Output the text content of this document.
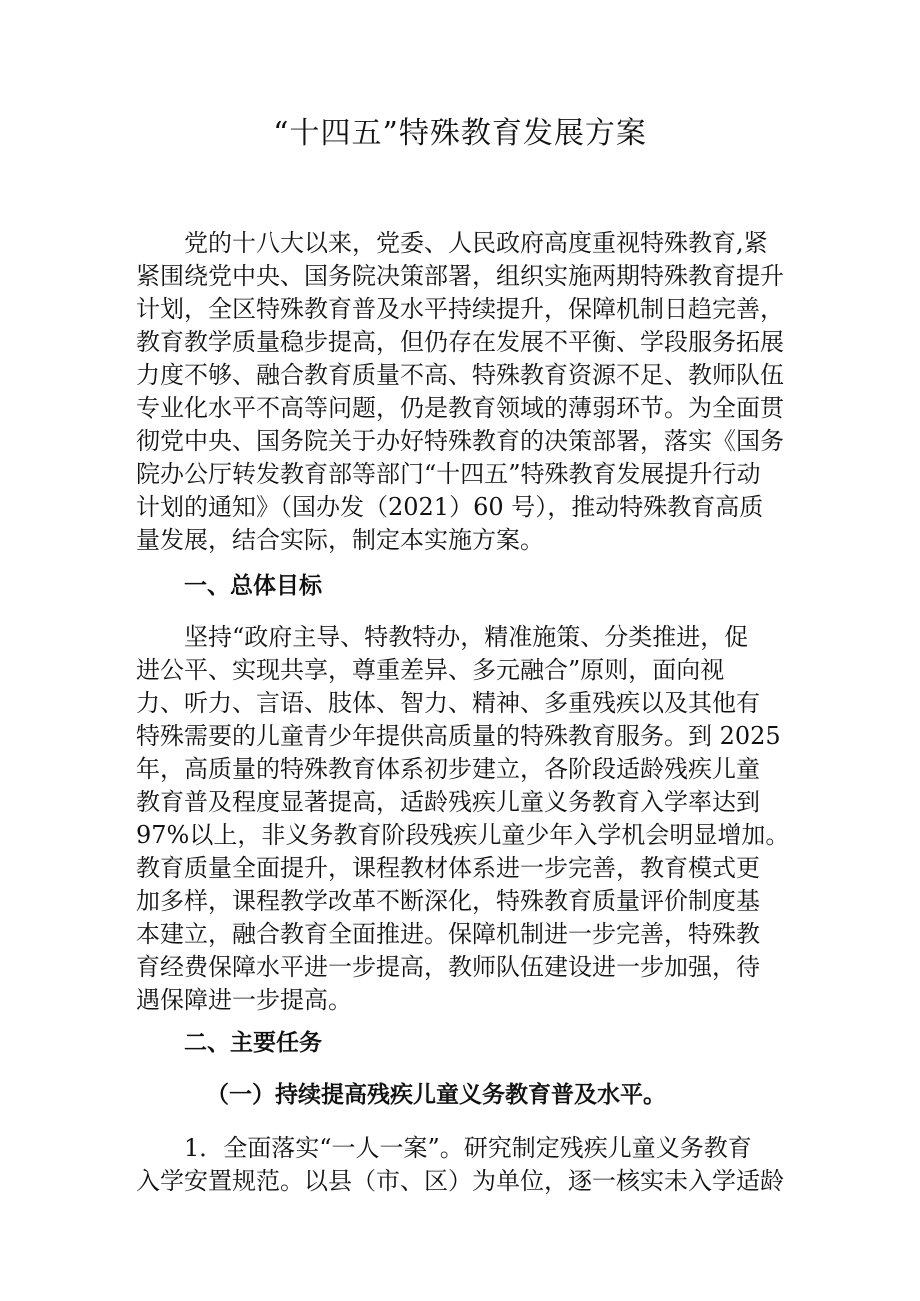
“十四五”特殊教育发展方案
党的十八大以来，党委、人民政府高度重视特殊教育,紧
紧围绕党中央、国务院决策部署，组织实施两期特殊教育提升
计划，全区特殊教育普及水平持续提升，保障机制日趋完善，
教育教学质量稳步提高，但仍存在发展不平衡、学段服务拓展
力度不够、融合教育质量不高、特殊教育资源不足、教师队伍
专业化水平不高等问题，仍是教育领域的薄弱环节。为全面贯
彻党中央、国务院关于办好特殊教育的决策部署，落实《国务
院办公厅转发教育部等部门“十四五”特殊教育发展提升行动
计划的通知》（国办发（2021）60 号），推动特殊教育高质
量发展，结合实际，制定本实施方案。
一、总体目标
坚持“政府主导、特教特办，精准施策、分类推进，促
进公平、实现共享，尊重差异、多元融合”原则，面向视
力、听力、言语、肢体、智力、精神、多重残疾以及其他有
特殊需要的儿童青少年提供高质量的特殊教育服务。到 2025
年，高质量的特殊教育体系初步建立，各阶段适龄残疾儿童
教育普及程度显著提高，适龄残疾儿童义务教育入学率达到
97%以上，非义务教育阶段残疾儿童少年入学机会明显增加。
教育质量全面提升，课程教材体系进一步完善，教育模式更
加多样，课程教学改革不断深化，特殊教育质量评价制度基
本建立，融合教育全面推进。保障机制进一步完善，特殊教
育经费保障水平进一步提高，教师队伍建设进一步加强，待
遇保障进一步提高。
二、主要任务
（一）持续提高残疾儿童义务教育普及水平。
1．全面落实“一人一案”。研究制定残疾儿童义务教育
入学安置规范。以县（市、区）为单位，逐一核实未入学适龄
